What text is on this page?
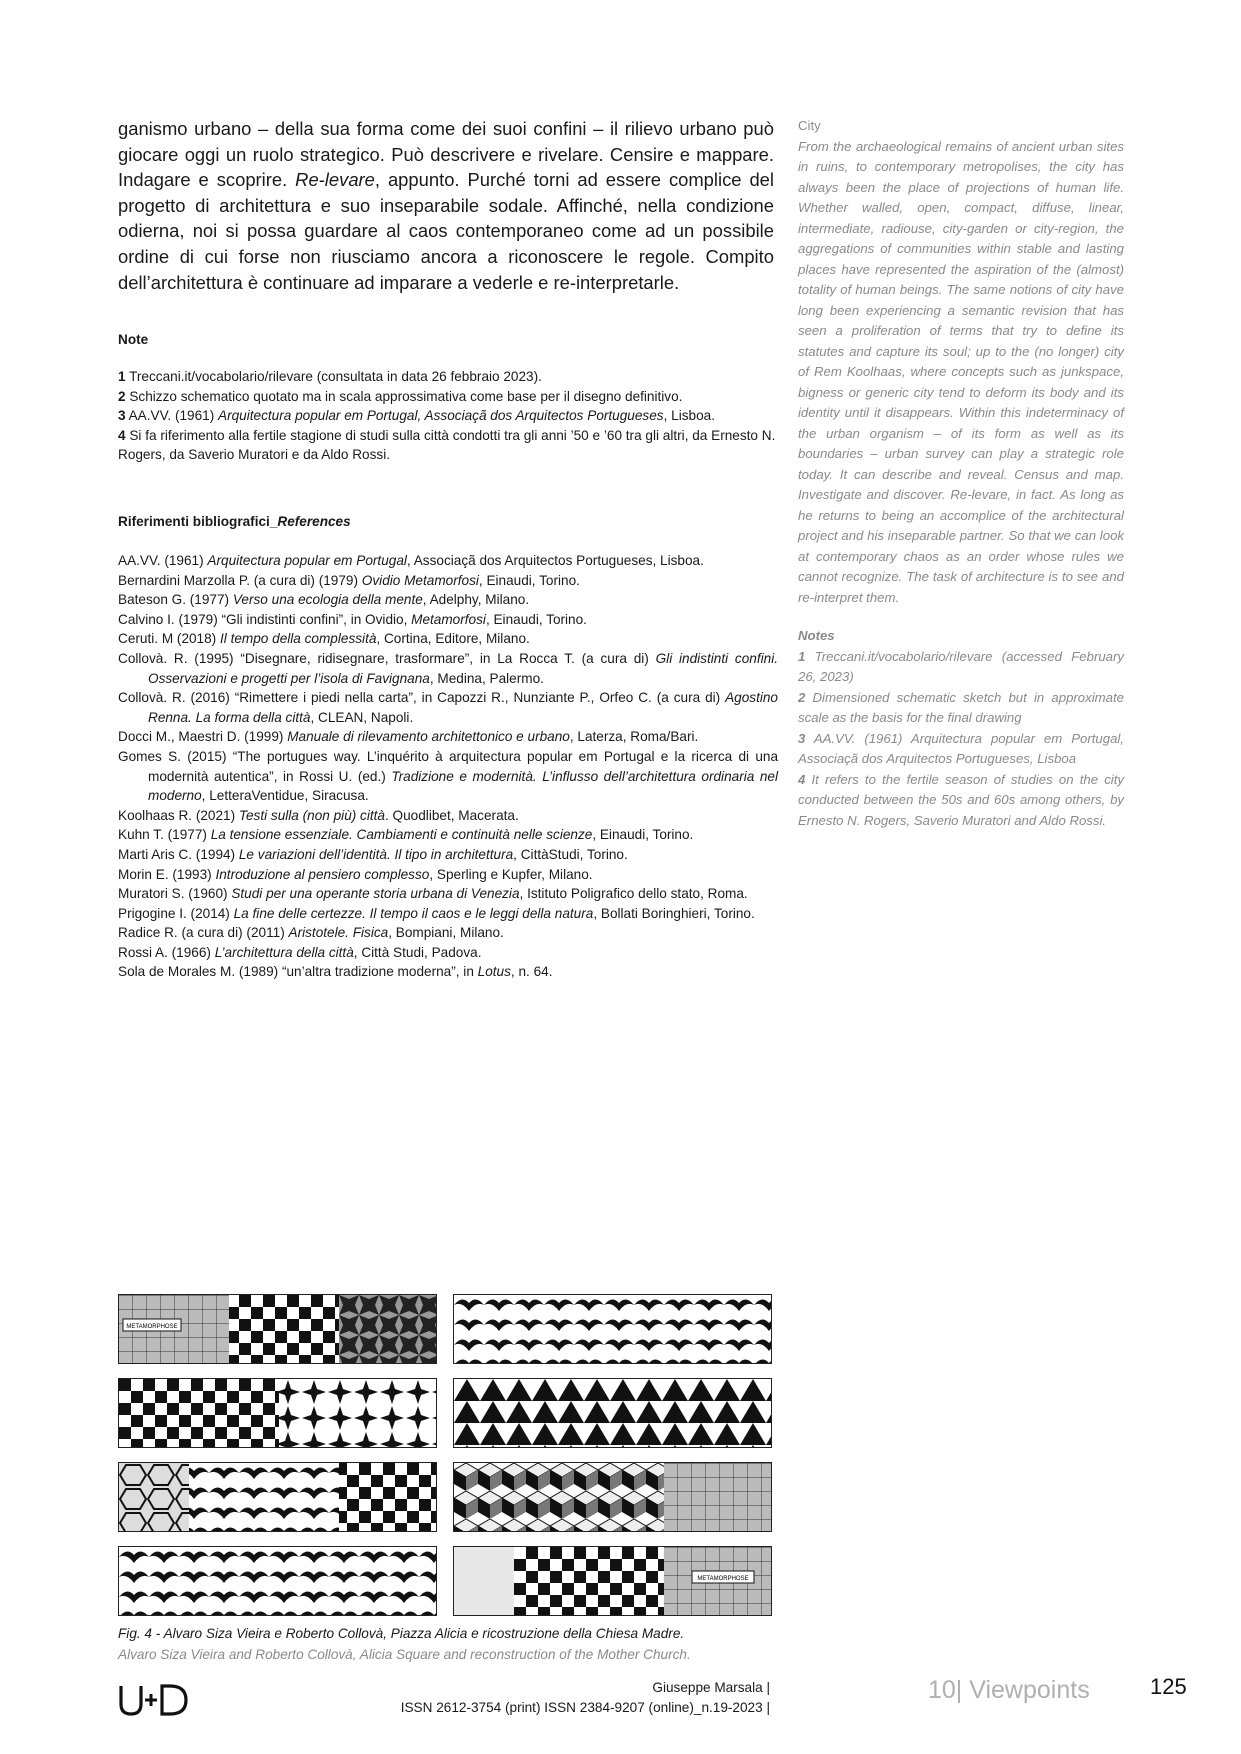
ganismo urbano – della sua forma come dei suoi confini – il rilievo urbano può giocare oggi un ruolo strategico. Può descrivere e rivelare. Censire e mappare. Indagare e scoprire. Re-levare, appunto. Purché torni ad essere complice del progetto di architettura e suo inseparabile sodale. Affinché, nella condizione odierna, noi si possa guardare al caos contemporaneo come ad un possibile ordine di cui forse non riusciamo ancora a riconoscere le regole. Compito dell’architettura è continuare ad imparare a vederle e re-interpretarle.

Note

1 Treccani.it/vocabolario/rilevare (consultata in data 26 febbraio 2023).
2 Schizzo schematico quotato ma in scala approssimativa come base per il disegno definitivo.
3 AA.VV. (1961) Arquitectura popular em Portugal, Associaçã dos Arquitectos Portugueses, Lisboa.
4 Si fa riferimento alla fertile stagione di studi sulla città condotti tra gli anni ’50 e ’60 tra gli altri, da Ernesto N. Rogers, da Saverio Muratori e da Aldo Rossi.

Riferimenti bibliografici_References

AA.VV. (1961) Arquitectura popular em Portugal, Associaçã dos Arquitectos Portugueses, Lisboa.
Bernardini Marzolla P. (a cura di) (1979) Ovidio Metamorfosi, Einaudi, Torino.
Bateson G. (1977) Verso una ecologia della mente, Adelphy, Milano.
Calvino I. (1979) “Gli indistinti confini”, in Ovidio, Metamorfosi, Einaudi, Torino.
Ceruti. M (2018) Il tempo della complessità, Cortina, Editore, Milano.
Collovà. R. (1995) “Disegnare, ridisegnare, trasformare”, in La Rocca T. (a cura di) Gli indistinti confini. Osservazioni e progetti per l’isola di Favignana, Medina, Palermo.
Collovà. R. (2016) “Rimettere i piedi nella carta”, in Capozzi R., Nunziante P., Orfeo C. (a cura di) Agostino Renna. La forma della città, CLEAN, Napoli.
Docci M., Maestri D. (1999) Manuale di rilevamento architettonico e urbano, Laterza, Roma/Bari.
Gomes S. (2015) “The portugues way. L’inquérito à arquitectura popular em Portugal e la ricerca di una modernità autentica”, in Rossi U. (ed.) Tradizione e modernità. L’influsso dell’architettura ordinaria nel moderno, LetteraVentidue, Siracusa.
Koolhaas R. (2021) Testi sulla (non più) città. Quodlibet, Macerata.
Kuhn T. (1977) La tensione essenziale. Cambiamenti e continuità nelle scienze, Einaudi, Torino.
Marti Aris C. (1994) Le variazioni dell’identità. Il tipo in architettura, CittàStudi, Torino.
Morin E. (1993) Introduzione al pensiero complesso, Sperling e Kupfer, Milano.
Muratori S. (1960) Studi per una operante storia urbana di Venezia, Istituto Poligrafico dello stato, Roma.
Prigogine I. (2014) La fine delle certezze. Il tempo il caos e le leggi della natura, Bollati Boringhieri, Torino.
Radice R. (a cura di) (2011) Aristotele. Fisica, Bompiani, Milano.
Rossi A. (1966) L’architettura della città, Città Studi, Padova.
Sola de Morales M. (1989) “un’altra tradizione moderna”, in Lotus, n. 64.
City
From the archaeological remains of ancient urban sites in ruins, to contemporary metropolises, the city has always been the place of projections of human life. Whether walled, open, compact, diffuse, linear, intermediate, radiouse, city-garden or city-region, the aggregations of communities within stable and lasting places have represented the aspiration of the (almost) totality of human beings. The same notions of city have long been experiencing a semantic revision that has seen a proliferation of terms that try to define its statutes and capture its soul; up to the (no longer) city of Rem Koolhaas, where concepts such as junkspace, bigness or generic city tend to deform its body and its identity until it disappears. Within this indeterminacy of the urban organism – of its form as well as its boundaries – urban survey can play a strategic role today. It can describe and reveal. Census and map. Investigate and discover. Re-levare, in fact. As long as he returns to being an accomplice of the architectural project and his inseparable partner. So that we can look at contemporary chaos as an order whose rules we cannot recognize. The task of architecture is to see and re-interpret them.
Notes
1 Treccani.it/vocabolario/rilevare (accessed February 26, 2023)
2 Dimensioned schematic sketch but in approximate scale as the basis for the final drawing
3 AA.VV. (1961) Arquitectura popular em Portugal, Associaçã dos Arquitectos Portugueses, Lisboa
4 It refers to the fertile season of studies on the city conducted between the 50s and 60s among others, by Ernesto N. Rogers, Saverio Muratori and Aldo Rossi.
METAMORPHOSE
METAMORPHOSE
Fig. 4 - Alvaro Siza Vieira e Roberto Collovà, Piazza Alicia e ricostruzione della Chiesa Madre.
Alvaro Siza Vieira and Roberto Collovà, Alicia Square and reconstruction of the Mother Church.
Giuseppe Marsala |
ISSN 2612-3754 (print) ISSN 2384-9207 (online)_n.19-2023 |
10| Viewpoints	125
